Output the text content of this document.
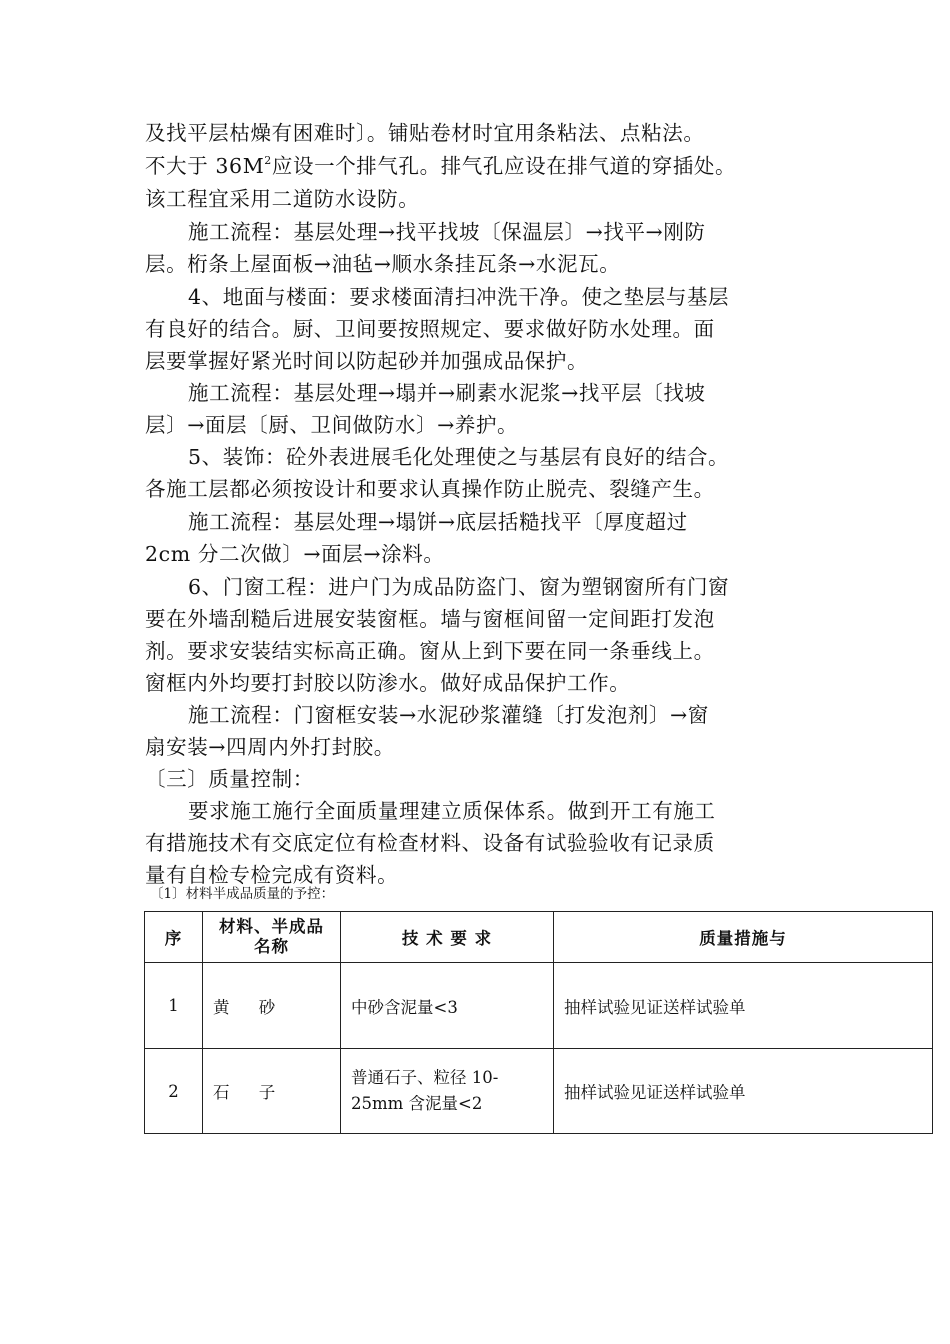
及找平层枯燥有困难时〕。铺贴卷材时宜用条粘法、点粘法。
不大于 $36M^2$应设一个排气孔。排气孔应设在排气道的穿插处。
该工程宜采用二道防水设防。
施工流程：基层处理→找平找坡〔保温层〕→找平→刚防
层。桁条上屋面板→油毡→顺水条挂瓦条→水泥瓦。
4、地面与楼面：要求楼面清扫冲洗干净。使之垫层与基层
有良好的结合。厨、卫间要按照规定、要求做好防水处理。面
层要掌握好紧光时间以防起砂并加强成品保护。
施工流程：基层处理→塌并→刷素水泥浆→找平层〔找坡
层〕→面层〔厨、卫间做防水〕→养护。
5、装饰：砼外表进展毛化处理使之与基层有良好的结合。
各施工层都必须按设计和要求认真操作防止脱壳、裂缝产生。
施工流程：基层处理→塌饼→底层括糙找平〔厚度超过
2cm 分二次做〕→面层→涂料。
6、门窗工程：进户门为成品防盗门、窗为塑钢窗所有门窗
要在外墙刮糙后进展安装窗框。墙与窗框间留一定间距打发泡
剂。要求安装结实标高正确。窗从上到下要在同一条垂线上。
窗框内外均要打封胶以防渗水。做好成品保护工作。
施工流程：门窗框安装→水泥砂浆灌缝〔打发泡剂〕→窗
扇安装→四周内外打封胶。
〔三〕质量控制：
要求施工施行全面质量理建立质保体系。做到开工有施工
有措施技术有交底定位有检查材料、设备有试验验收有记录质
量有自检专检完成有资料。
〔1〕材料半成品质量的予控：
序	材料、半成品名称	技 术 要 求	质量措施与
1	黄 砂	中砂含泥量<3	抽样试验见证送样试验单
2	石 子	普通石子、粒径 10-
25mm 含泥量<2	抽样试验见证送样试验单
